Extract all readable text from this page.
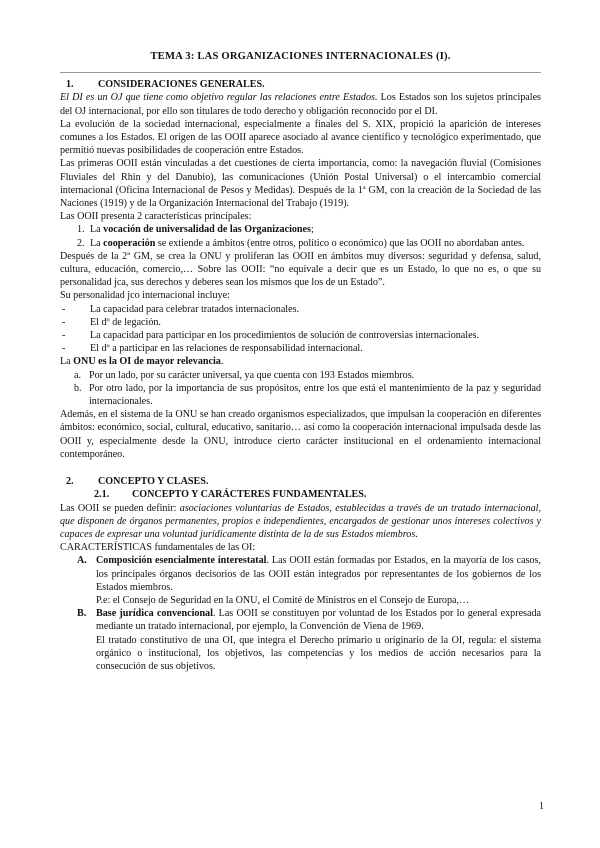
TEMA 3: LAS ORGANIZACIONES INTERNACIONALES (I).

1.	CONSIDERACIONES GENERALES.

El DI es un OJ que tiene como objetivo regular las relaciones entre Estados. Los Estados son los sujetos principales del OJ internacional, por ello son titulares de todo derecho y obligación reconocido por el DI.

La evolución de la sociedad internacional, especialmente a finales del S. XIX, propició la aparición de intereses comunes a los Estados. El origen de las OOII aparece asociado al avance científico y tecnológico experimentado, que permitió nuevas posibilidades de cooperación entre Estados.

Las primeras OOII están vinculadas a det cuestiones de cierta importancia, como: la navegación fluvial (Comisiones Fluviales del Rhin y del Danubio), las comunicaciones (Unión Postal Universal) o el intercambio comercial internacional (Oficina Internacional de Pesos y Medidas). Después de la 1ª GM, con la creación de la Sociedad de las Naciones (1919) y de la Organización Internacional del Trabajo (1919).

Las OOII presenta 2 características principales:

1. La vocación de universalidad de las Organizaciones;
2. La cooperación se extiende a ámbitos (entre otros, político o económico) que las OOII no abordaban antes.

Después de la 2ª GM, se crea la ONU y proliferan las OOII en ámbitos muy diversos: seguridad y defensa, salud, cultura, educación, comercio,… Sobre las OOII: “no equivale a decir que es un Estado, lo que no es, o que su personalidad jca, sus derechos y deberes sean los mismos que los de un Estado”.

Su personalidad jco internacional incluye:

-	La capacidad para celebrar tratados internacionales.
-	El dº de legación.
-	La capacidad para participar en los procedimientos de solución de controversias internacionales.
-	El dº a participar en las relaciones de responsabilidad internacional.

La ONU es la OI de mayor relevancia.

a. Por un lado, por su carácter universal, ya que cuenta con 193 Estados miembros.
b. Por otro lado, por la importancia de sus propósitos, entre los que está el mantenimiento de la paz y seguridad internacionales.

Además, en el sistema de la ONU se han creado organismos especializados, que impulsan la cooperación en diferentes ámbitos: económico, social, cultural, educativo, sanitario… así como la cooperación internacional impulsada desde las OOII y, especialmente desde la ONU, introduce cierto carácter institucional en el ordenamiento internacional contemporáneo.

2.	CONCEPTO Y CLASES.
2.1.	CONCEPTO Y CARÁCTERES FUNDAMENTALES.

Las OOII se pueden definir: asociaciones voluntarias de Estados, establecidas a través de un tratado internacional, que disponen de órganos permanentes, propios e independientes, encargados de gestionar unos intereses colectivos y capaces de expresar una voluntad jurídicamente distinta de la de sus Estados miembros.

CARACTERÍSTICAS fundamentales de las OI:

A. Composición esencialmente interestatal. Las OOII están formadas por Estados, en la mayoría de los casos, los principales órganos decisorios de las OOII están integrados por representantes de los gobiernos de los Estados miembros.

P.e: el Consejo de Seguridad en la ONU, el Comité de Ministros en el Consejo de Europa,…

B. Base jurídica convencional. Las OOII se constituyen por voluntad de los Estados por lo general expresada mediante un tratado internacional, por ejemplo, la Convención de Viena de 1969.

El tratado constitutivo de una OI, que integra el Derecho primario u originario de la OI, regula: el sistema orgánico o institucional, los objetivos, las competencias y los medios de acción necesarios para la consecución de sus objetivos.

1
